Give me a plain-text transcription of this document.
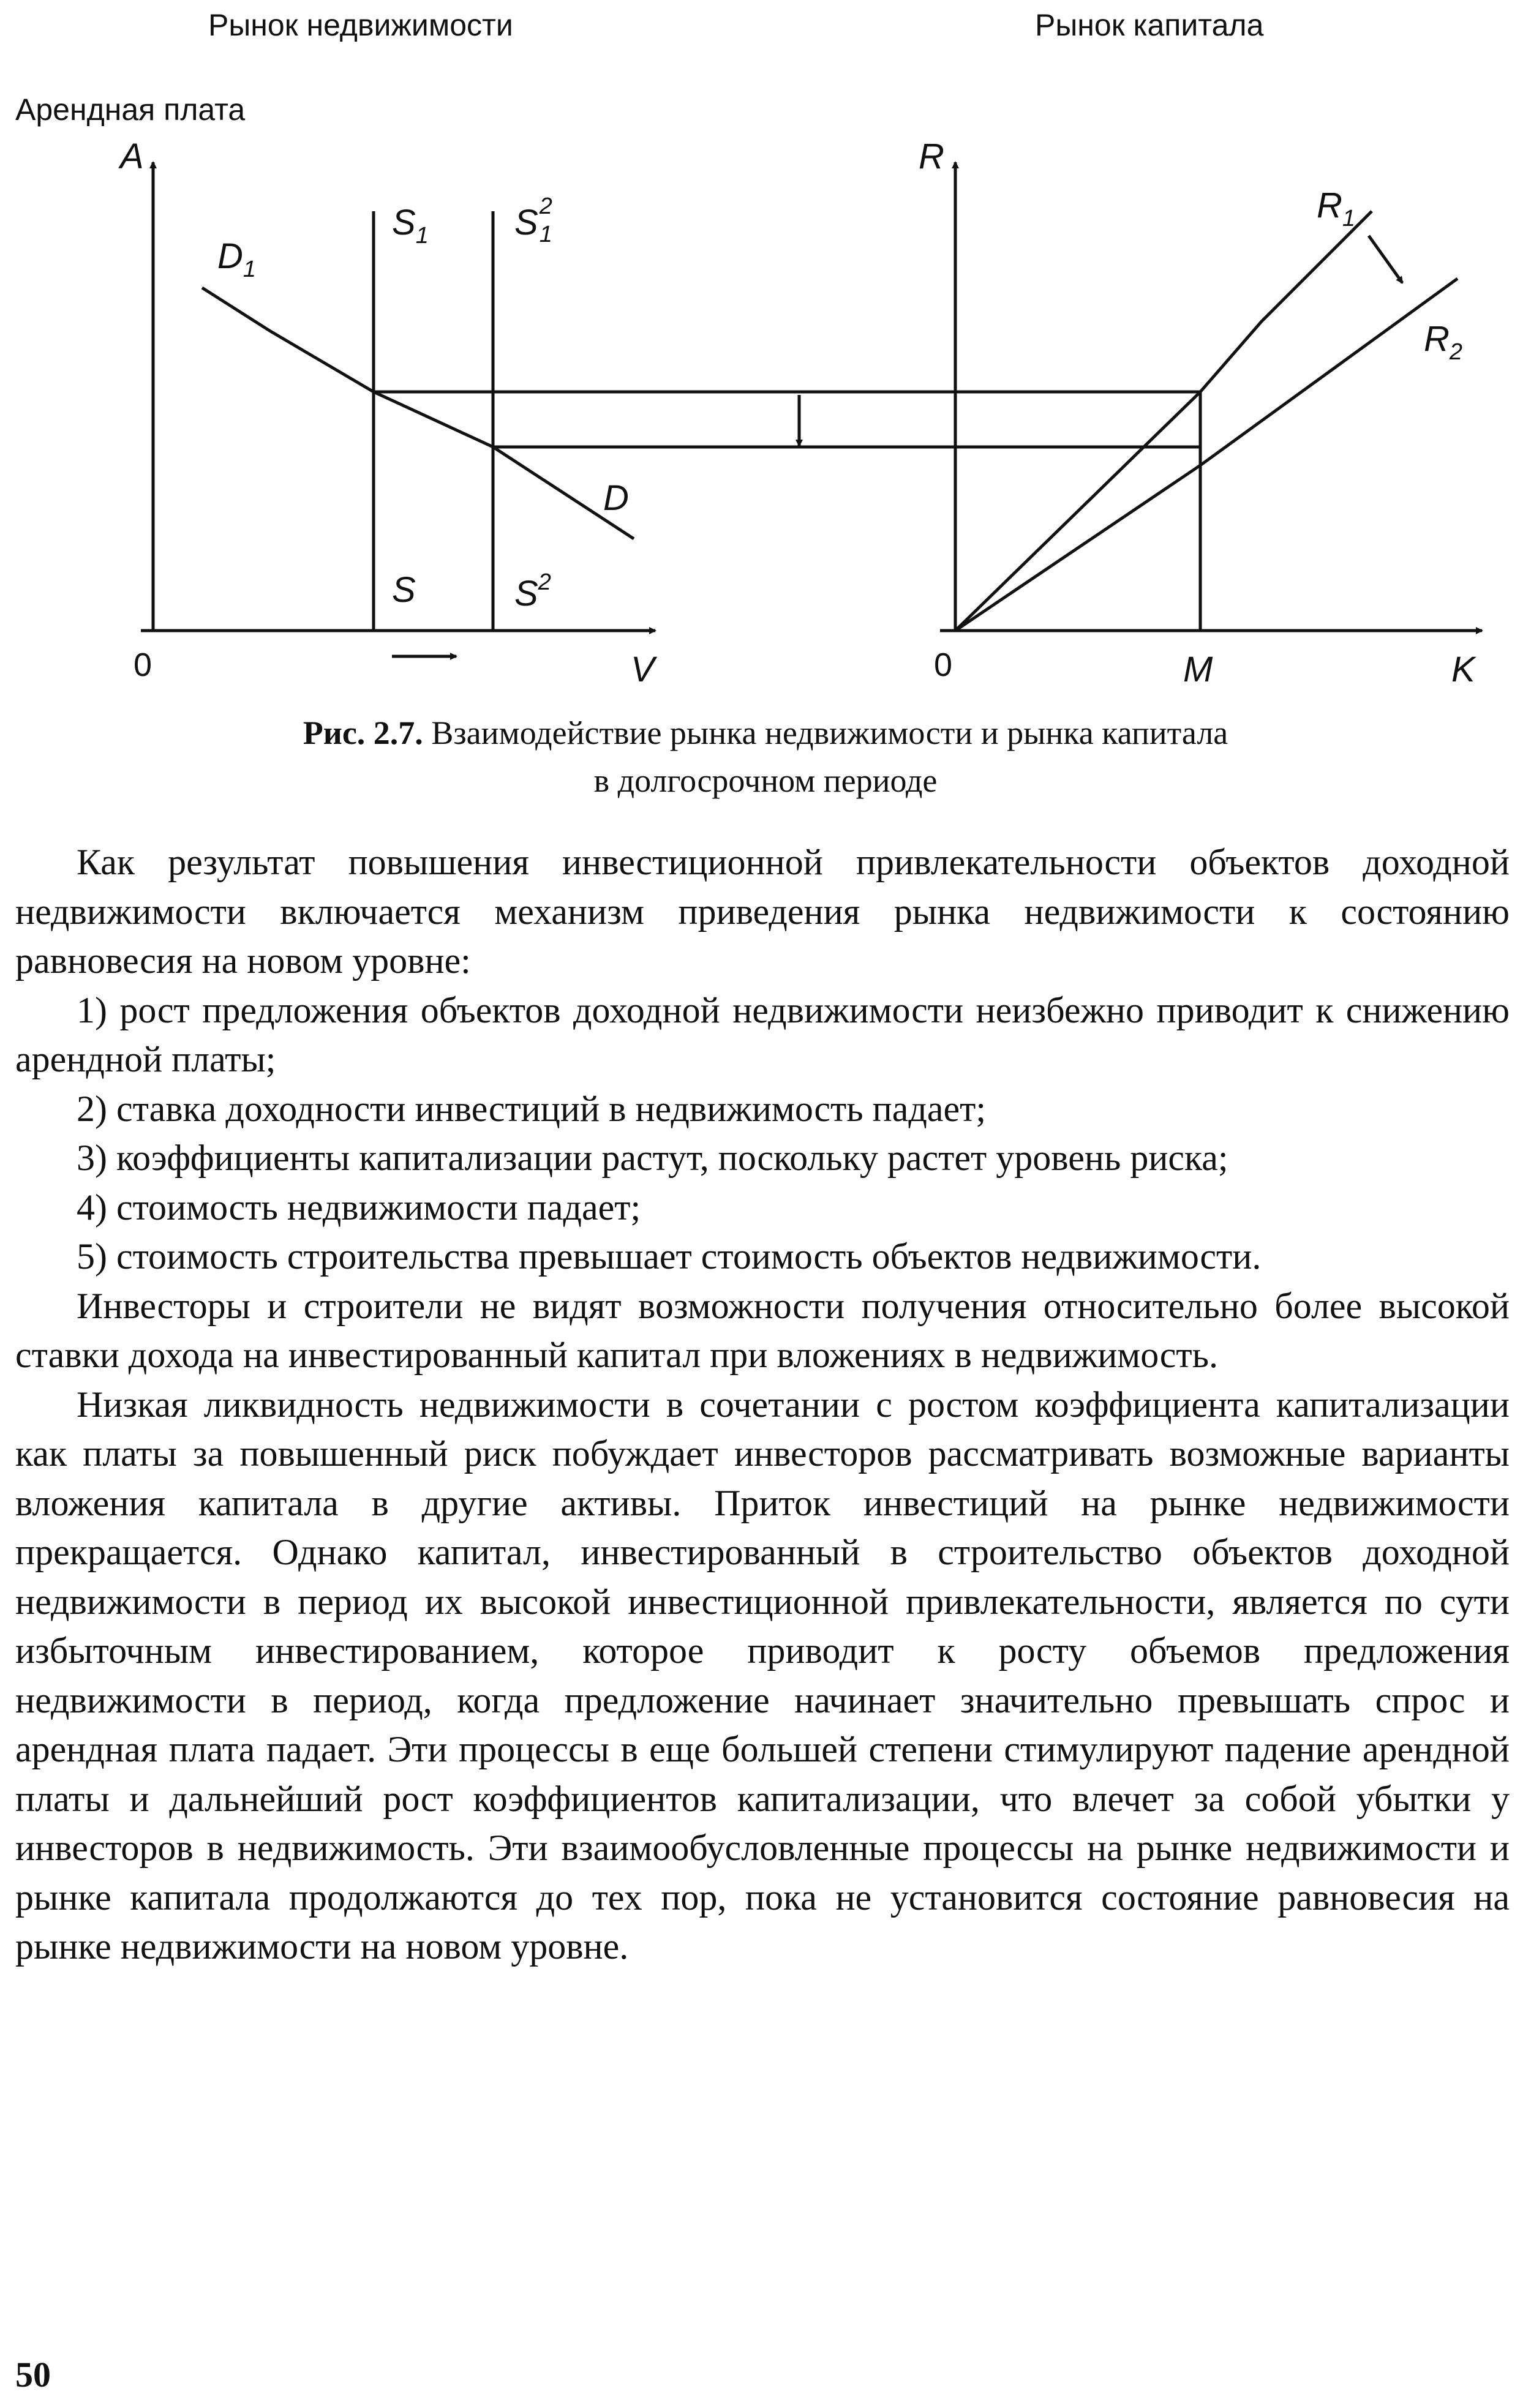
Рынок недвижимости	Рынок капитала
Арендная плата
A
V
0
R
K
0	M
$D_1$
D
$S_1$ S 2
1
S	$S^2$
$R_1$
$R_2$
Рис. 2.7. Взаимодействие рынка недвижимости и рынка капитала
в долгосрочном периоде

Как результат повышения инвестиционной привлекательности объектов доходной недвижимости включается механизм приведения рынка недвижимости к состоянию равновесия на новом уровне:

1) рост предложения объектов доходной недвижимости неизбежно приводит к снижению арендной платы;

2) ставка доходности инвестиций в недвижимость падает;

3) коэффициенты капитализации растут, поскольку растет уровень риска;

4) стоимость недвижимости падает;

5) стоимость строительства превышает стоимость объектов недвижимости.

Инвесторы и строители не видят возможности получения относительно более высокой ставки дохода на инвестированный капитал при вложениях в недвижимость.

Низкая ликвидность недвижимости в сочетании с ростом коэффициента капитализации как платы за повышенный риск побуждает инвесторов рассматривать возможные варианты вложения капитала в другие активы. Приток инвестиций на рынке недвижимости прекращается. Однако капитал, инвестированный в строительство объектов доходной недвижимости в период их высокой инвестиционной привлекательности, является по сути избыточным инвестированием, которое приводит к росту объемов предложения недвижимости в период, когда предложение начинает значительно превышать спрос и арендная плата падает. Эти процессы в еще большей степени стимулируют падение арендной платы и дальнейший рост коэффициентов капитализации, что влечет за собой убытки у инвесторов в недвижимость. Эти взаимообусловленные процессы на рынке недвижимости и рынке капитала продолжаются до тех пор, пока не установится состояние равновесия на рынке недвижимости на новом уровне.

50
